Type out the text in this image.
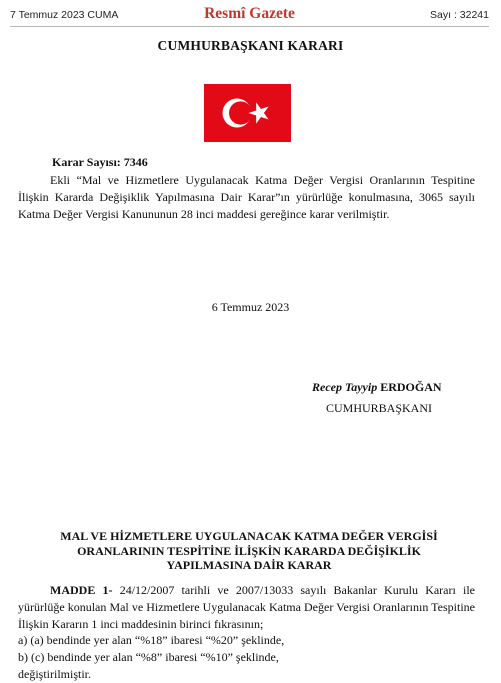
7 Temmuz 2023 CUMA	Resmî Gazete	Sayı : 32241
CUMHURBAŞKANI KARARI
Karar Sayısı: 7346
Ekli “Mal ve Hizmetlere Uygulanacak Katma Değer Vergisi Oranlarının Tespitine İlişkin Kararda Değişiklik Yapılmasına Dair Karar”ın yürürlüğe konulmasına, 3065 sayılı Katma Değer Vergisi Kanununun 28 inci maddesi gereğince karar verilmiştir.
6 Temmuz 2023
Recep Tayyip ERDOĞAN
CUMHURBAŞKANI
MAL VE HİZMETLERE UYGULANACAK KATMA DEĞER VERGİSİ ORANLARININ TESPİTİNE İLİŞKİN KARARDA DEĞİŞİKLİK YAPILMASINA DAİR KARAR
MADDE 1- 24/12/2007 tarihli ve 2007/13033 sayılı Bakanlar Kurulu Kararı ile yürürlüğe konulan Mal ve Hizmetlere Uygulanacak Katma Değer Vergisi Oranlarının Tespitine İlişkin Kararın 1 inci maddesinin birinci fıkrasının;
a) (a) bendinde yer alan “%18” ibaresi “%20” şeklinde,
b) (c) bendinde yer alan “%8” ibaresi “%10” şeklinde,
değiştirilmiştir.
